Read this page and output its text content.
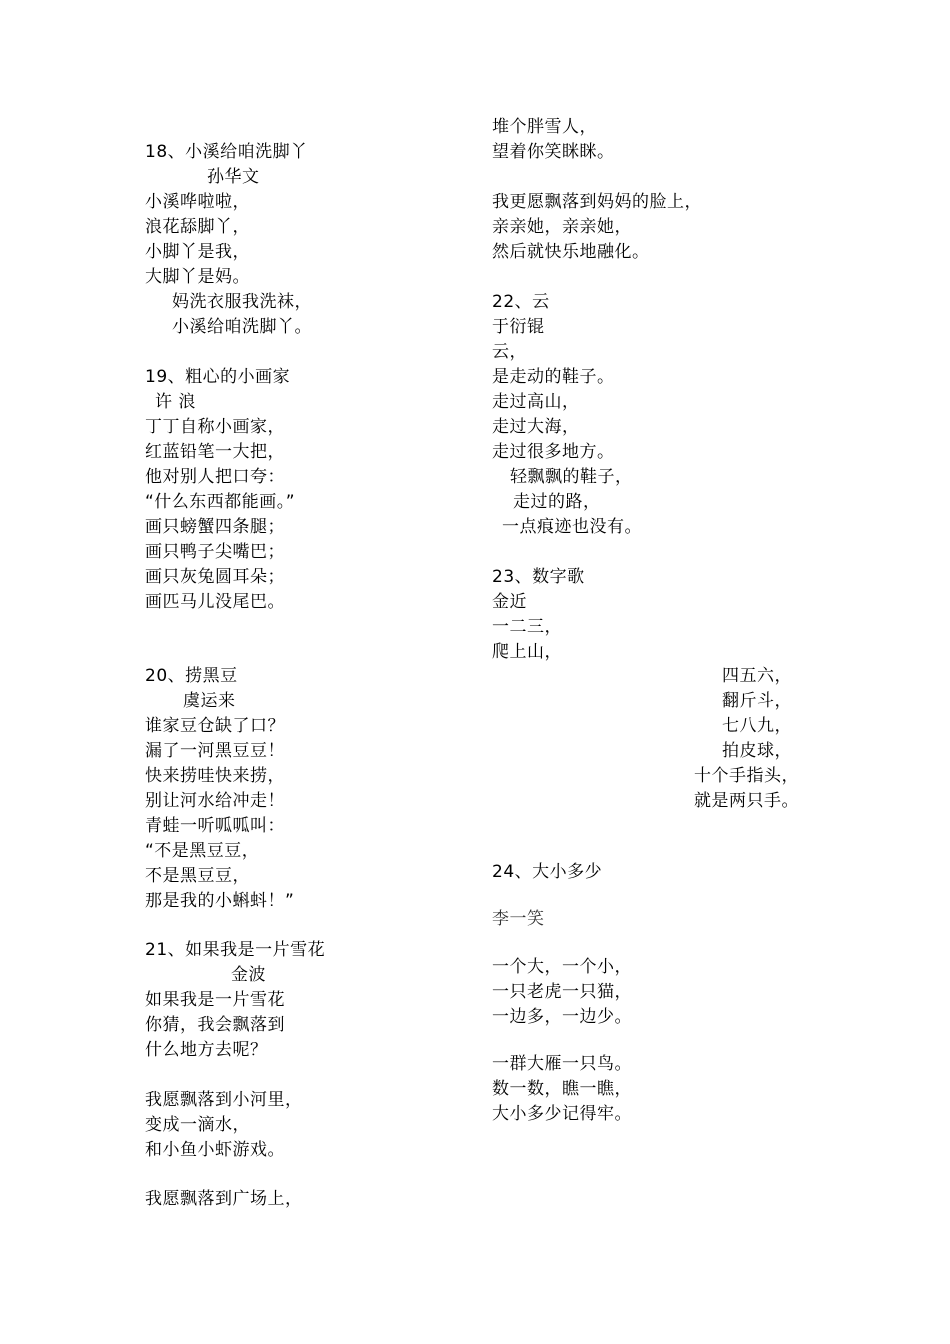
18、小溪给咱洗脚丫
孙华文
小溪哗啦啦，
浪花舔脚丫，
小脚丫是我，
大脚丫是妈。
妈洗衣服我洗袜，
小溪给咱洗脚丫。
19、粗心的小画家
许 浪
丁丁自称小画家，
红蓝铅笔一大把，
他对别人把口夸：
“什么东西都能画。”
画只螃蟹四条腿；
画只鸭子尖嘴巴；
画只灰兔圆耳朵；
画匹马儿没尾巴。
20、捞黑豆
虞运来
谁家豆仓缺了口？
漏了一河黑豆豆！
快来捞哇快来捞，
别让河水给冲走！
青蛙一听呱呱叫：
“不是黑豆豆，
不是黑豆豆，
那是我的小蝌蚪！”
21、如果我是一片雪花
金波
如果我是一片雪花
你猜，我会飘落到
什么地方去呢？
我愿飘落到小河里，
变成一滴水，
和小鱼小虾游戏。
我愿飘落到广场上，
堆个胖雪人，
望着你笑眯眯。
我更愿飘落到妈妈的脸上，
亲亲她，亲亲她，
然后就快乐地融化。
22、云
于衍锟
云，
是走动的鞋子。
走过高山，
走过大海，
走过很多地方。
轻飘飘的鞋子，
走过的路，
一点痕迹也没有。
23、数字歌
金近
一二三，
爬上山，
四五六，
翻斤斗，
七八九，
拍皮球，
十个手指头，
就是两只手。
24、大小多少
李一笑
一个大，一个小，
一只老虎一只猫，
一边多，一边少。
一群大雁一只鸟。
数一数，瞧一瞧，
大小多少记得牢。
